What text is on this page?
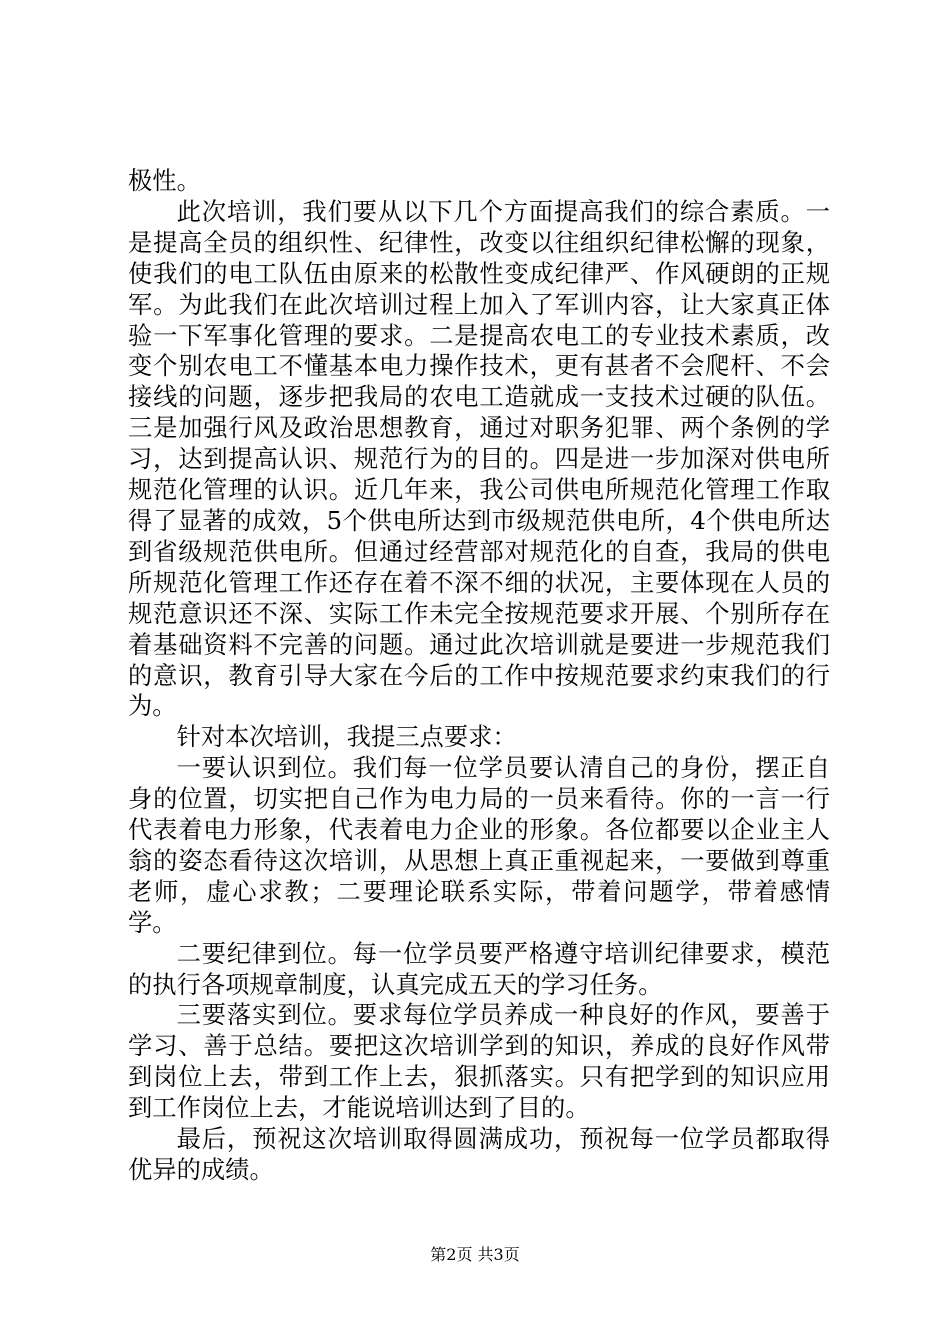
极性。

此次培训，我们要从以下几个方面提高我们的综合素质。一是提高全员的组织性、纪律性，改变以往组织纪律松懈的现象，使我们的电工队伍由原来的松散性变成纪律严、作风硬朗的正规军。为此我们在此次培训过程上加入了军训内容，让大家真正体验一下军事化管理的要求。二是提高农电工的专业技术素质，改变个别农电工不懂基本电力操作技术，更有甚者不会爬杆、不会接线的问题，逐步把我局的农电工造就成一支技术过硬的队伍。三是加强行风及政治思想教育，通过对职务犯罪、两个条例的学习，达到提高认识、规范行为的目的。四是进一步加深对供电所规范化管理的认识。近几年来，我公司供电所规范化管理工作取得了显著的成效，5个供电所达到市级规范供电所，4个供电所达到省级规范供电所。但通过经营部对规范化的自查，我局的供电所规范化管理工作还存在着不深不细的状况，主要体现在人员的规范意识还不深、实际工作未完全按规范要求开展、个别所存在着基础资料不完善的问题。通过此次培训就是要进一步规范我们的意识，教育引导大家在今后的工作中按规范要求约束我们的行为。

针对本次培训，我提三点要求：

一要认识到位。我们每一位学员要认清自己的身份，摆正自身的位置，切实把自己作为电力局的一员来看待。你的一言一行代表着电力形象，代表着电力企业的形象。各位都要以企业主人翁的姿态看待这次培训，从思想上真正重视起来，一要做到尊重老师，虚心求教；二要理论联系实际，带着问题学，带着感情学。

二要纪律到位。每一位学员要严格遵守培训纪律要求，模范的执行各项规章制度，认真完成五天的学习任务。

三要落实到位。要求每位学员养成一种良好的作风，要善于学习、善于总结。要把这次培训学到的知识，养成的良好作风带到岗位上去，带到工作上去，狠抓落实。只有把学到的知识应用到工作岗位上去，才能说培训达到了目的。

最后，预祝这次培训取得圆满成功，预祝每一位学员都取得优异的成绩。

第2页 共3页
